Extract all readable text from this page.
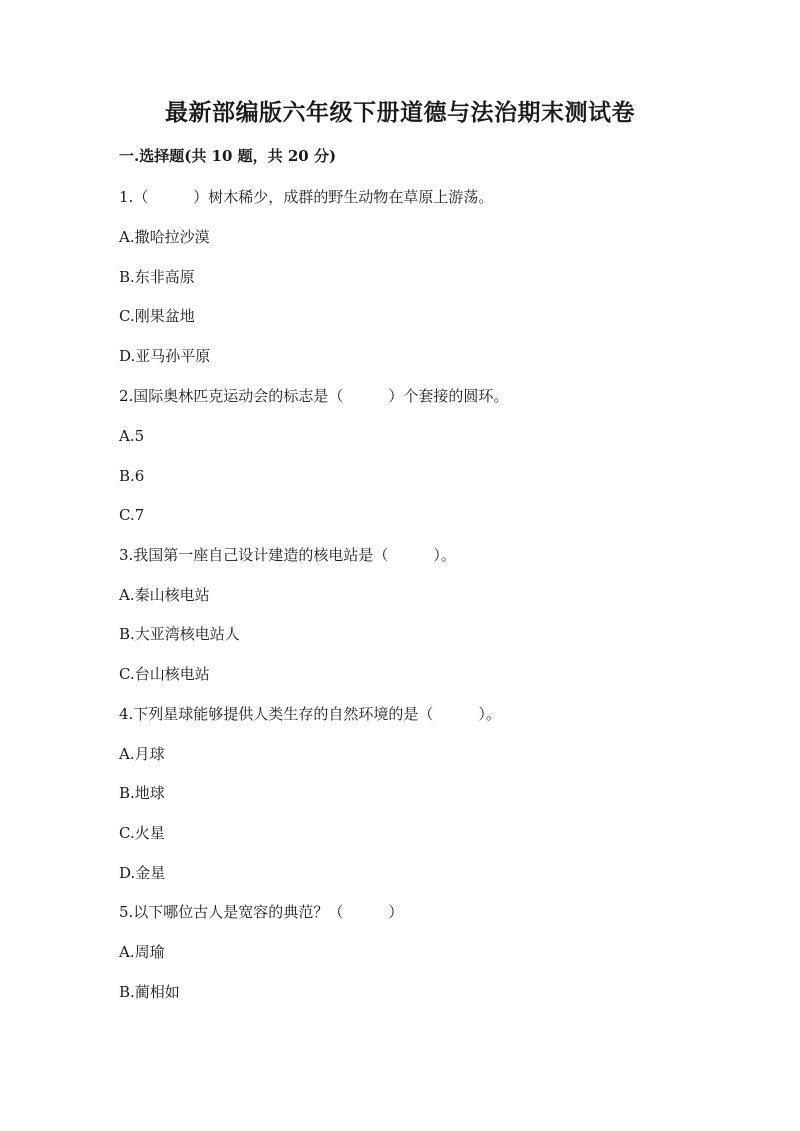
最新部编版六年级下册道德与法治期末测试卷
一.选择题(共 10 题，共 20 分)
1.（　　　）树木稀少，成群的野生动物在草原上游荡。
A.撒哈拉沙漠
B.东非高原
C.刚果盆地
D.亚马孙平原
2.国际奥林匹克运动会的标志是（　　　）个套接的圆环。
A.5
B.6
C.7
3.我国第一座自己设计建造的核电站是（　　　）。
A.秦山核电站
B.大亚湾核电站人
C.台山核电站
4.下列星球能够提供人类生存的自然环境的是（　　　）。
A.月球
B.地球
C.火星
D.金星
5.以下哪位古人是宽容的典范？（　　　）
A.周瑜
B.蔺相如
